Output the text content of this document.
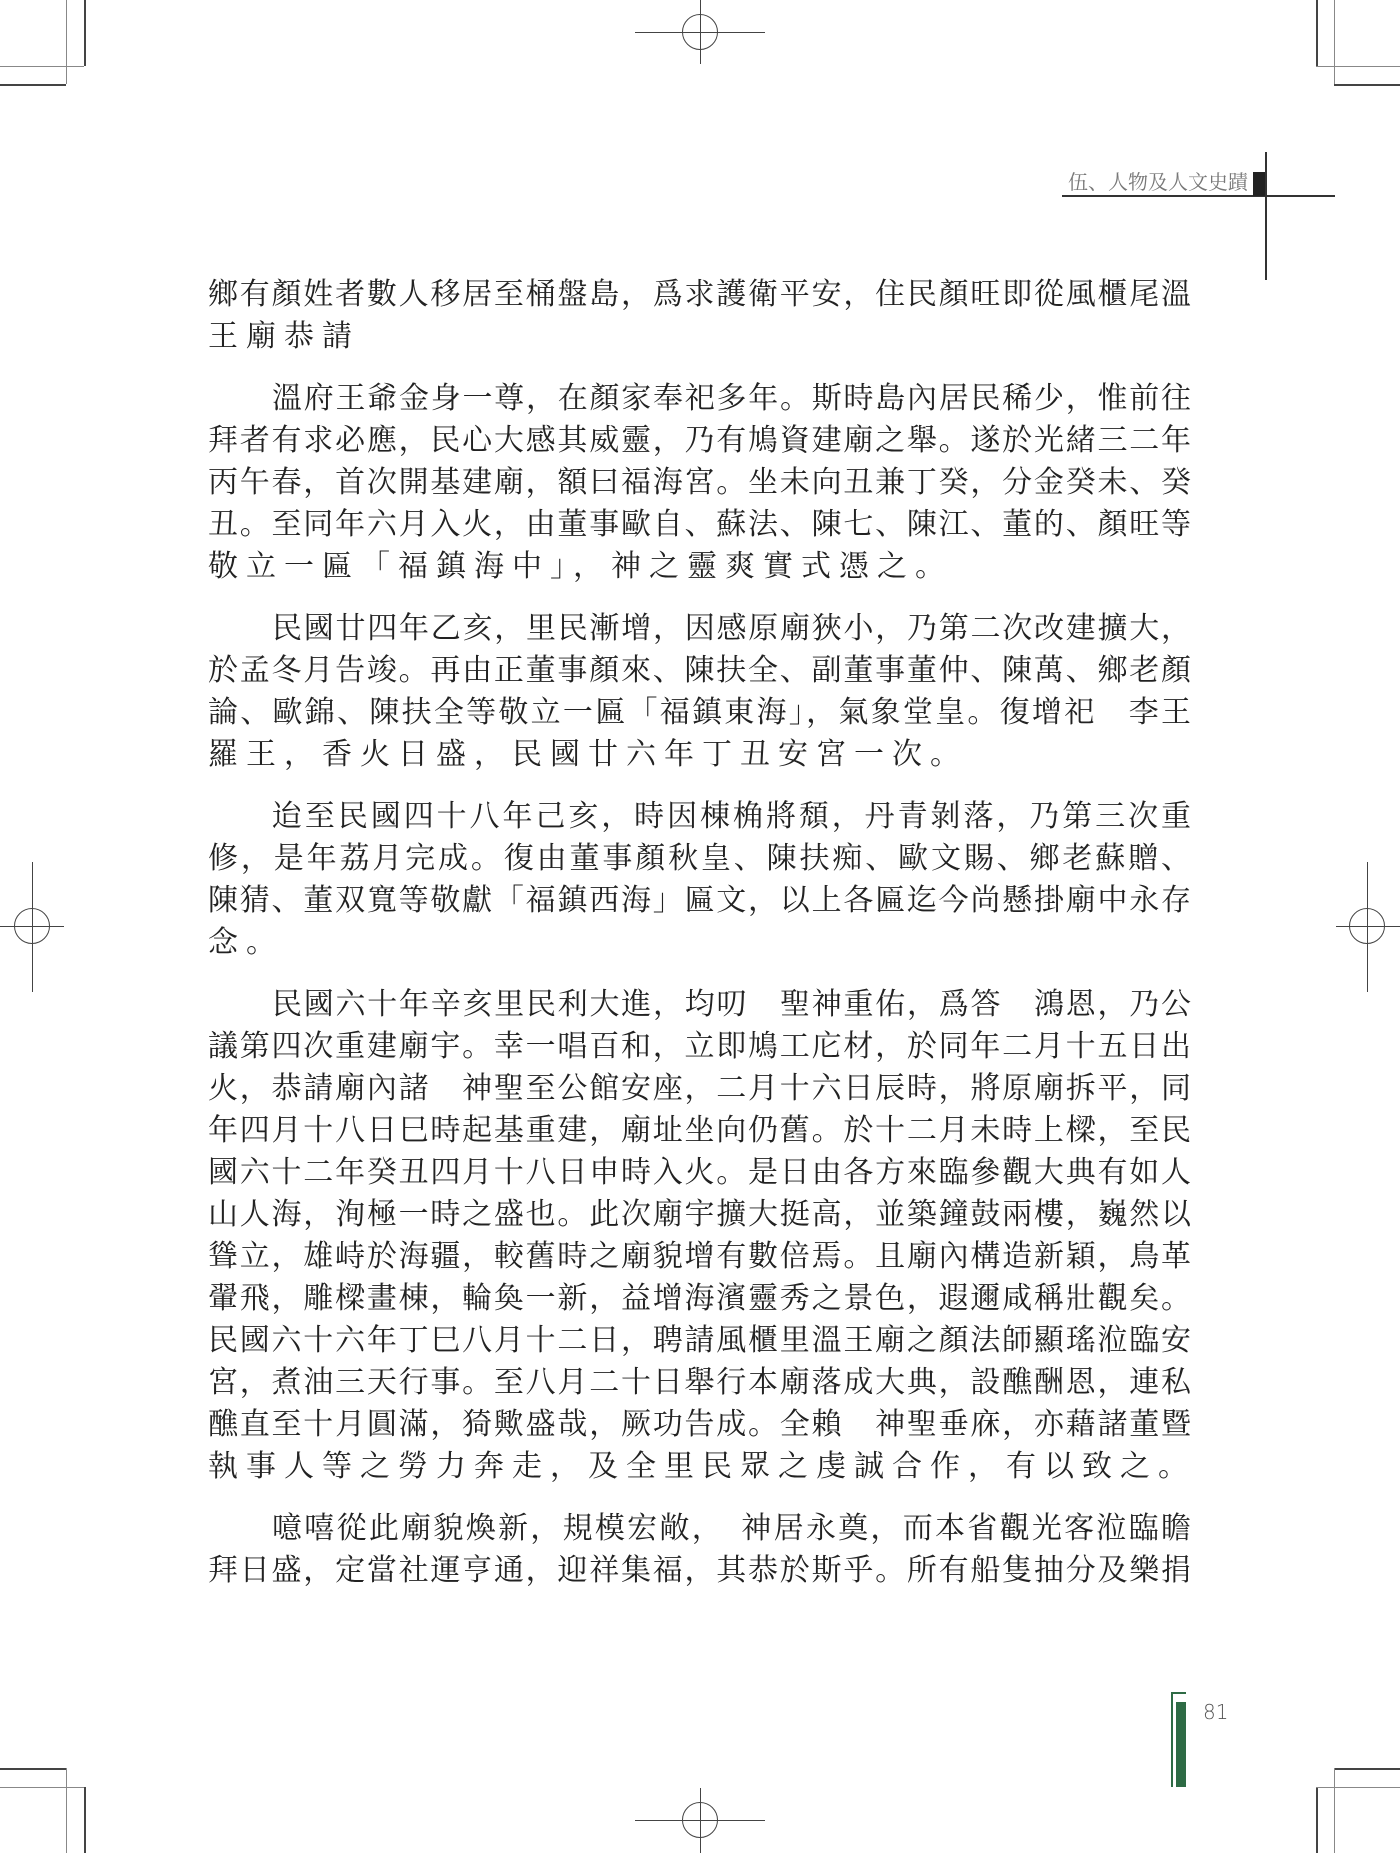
伍、人物及人文史蹟
鄉有顏姓者數人移居至桶盤島，爲求護衛平安，住民顏旺即從風櫃尾溫
王廟恭請
溫府王爺金身一尊，在顏家奉祀多年。斯時島內居民稀少，惟前往
拜者有求必應，民心大感其威靈，乃有鳩資建廟之舉。遂於光緒三二年
丙午春，首次開基建廟，額曰福海宮。坐未向丑兼丁癸，分金癸未、癸
丑。至同年六月入火，由董事歐自、蘇法、陳七、陳江、董的、顏旺等
敬立一匾「福鎮海中」，神之靈爽實式憑之。
民國廿四年乙亥，里民漸增，因感原廟狹小，乃第二次改建擴大，
於孟冬月告竣。再由正董事顏來、陳扶全、副董事董仲、陳萬、鄉老顏
論、歐錦、陳扶全等敬立一匾「福鎮東海」，氣象堂皇。復增祀　李王
羅王，香火日盛，民國廿六年丁丑安宮一次。
迨至民國四十八年己亥，時因棟桷將頹，丹青剝落，乃第三次重
修，是年荔月完成。復由董事顏秋皇、陳扶痴、歐文賜、鄉老蘇贈、
陳猜、董双寬等敬獻「福鎮西海」匾文，以上各匾迄今尚懸掛廟中永存
念。
民國六十年辛亥里民利大進，均叨　聖神重佑，爲答　鴻恩，乃公
議第四次重建廟宇。幸一唱百和，立即鳩工庀材，於同年二月十五日出
火，恭請廟內諸　神聖至公館安座，二月十六日辰時，將原廟拆平，同
年四月十八日巳時起基重建，廟址坐向仍舊。於十二月未時上樑，至民
國六十二年癸丑四月十八日申時入火。是日由各方來臨參觀大典有如人
山人海，洵極一時之盛也。此次廟宇擴大挺高，並築鐘鼓兩樓，巍然以
聳立，雄峙於海疆，較舊時之廟貌增有數倍焉。且廟內構造新穎，鳥革
翬飛，雕樑畫棟，輪奐一新，益增海濱靈秀之景色，遐邇咸稱壯觀矣。
民國六十六年丁巳八月十二日，聘請風櫃里溫王廟之顏法師顯瑤涖臨安
宮，煮油三天行事。至八月二十日舉行本廟落成大典，設醮酬恩，連私
醮直至十月圓滿，猗歟盛哉，厥功告成。全賴　神聖垂庥，亦藉諸董暨
執事人等之勞力奔走，及全里民眾之虔誠合作，有以致之。
噫嘻從此廟貌煥新，規模宏敞，　神居永奠，而本省觀光客涖臨瞻
拜日盛，定當社運亨通，迎祥集福，其恭於斯乎。所有船隻抽分及樂捐
81
